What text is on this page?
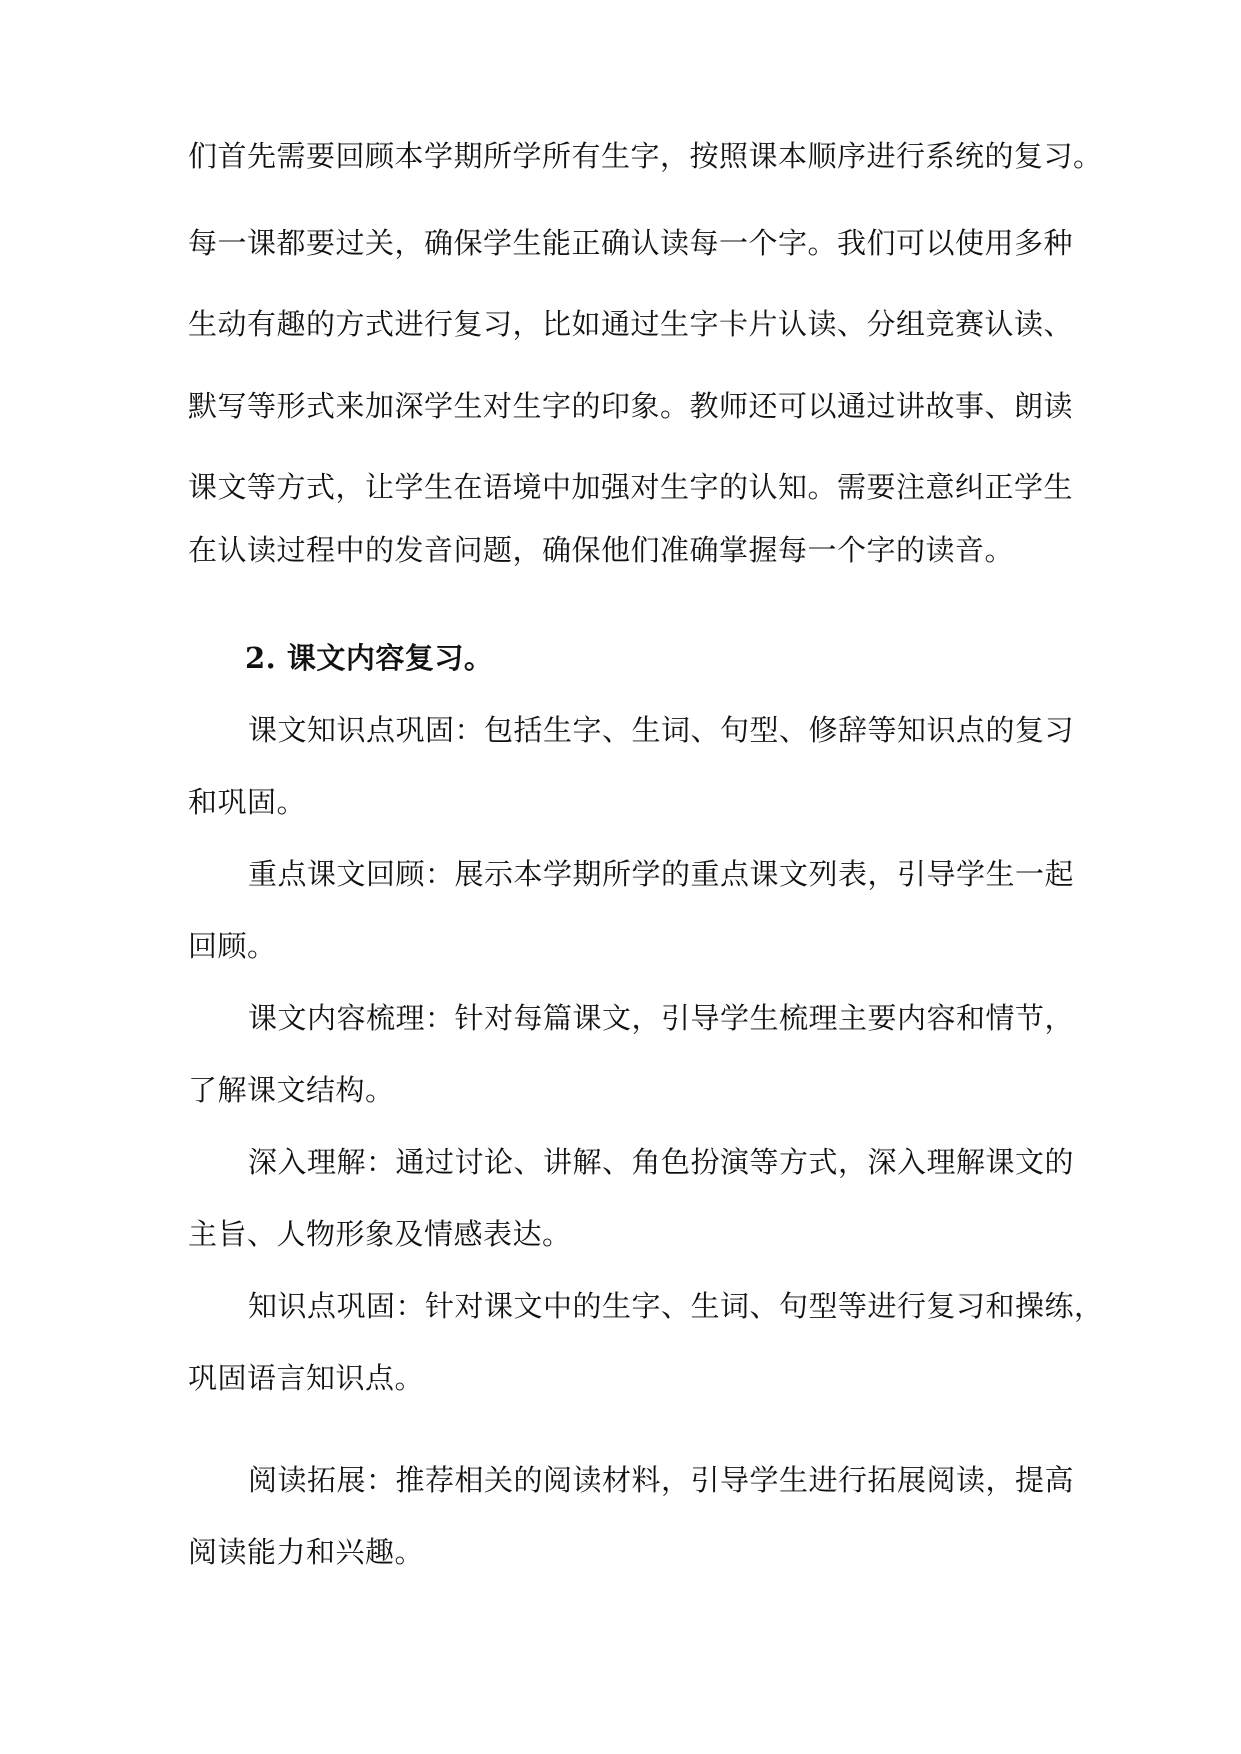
们首先需要回顾本学期所学所有生字，按照课本顺序进行系统的复习。
每一课都要过关，确保学生能正确认读每一个字。我们可以使用多种
生动有趣的方式进行复习，比如通过生字卡片认读、分组竞赛认读、
默写等形式来加深学生对生字的印象。教师还可以通过讲故事、朗读
课文等方式，让学生在语境中加强对生字的认知。需要注意纠正学生
在认读过程中的发音问题，确保他们准确掌握每一个字的读音。
2. 课文内容复习。
课文知识点巩固：包括生字、生词、句型、修辞等知识点的复习
和巩固。
重点课文回顾：展示本学期所学的重点课文列表，引导学生一起
回顾。
课文内容梳理：针对每篇课文，引导学生梳理主要内容和情节，
了解课文结构。
深入理解：通过讨论、讲解、角色扮演等方式，深入理解课文的
主旨、人物形象及情感表达。
知识点巩固：针对课文中的生字、生词、句型等进行复习和操练，
巩固语言知识点。
阅读拓展：推荐相关的阅读材料，引导学生进行拓展阅读，提高
阅读能力和兴趣。
